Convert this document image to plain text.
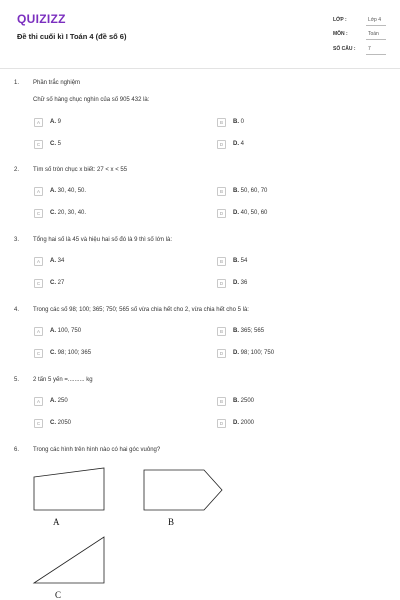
QUIZIZZ
Đề thi cuối kì I Toán 4 (đề số 6)
LỚP :	Lớp 4
MÔN :	Toán
SỐ CÂU :	7
1. Phần trắc nghiệm
Chữ số hàng chục nghìn của số 905 432 là:
A	A. 9	B	B. 0
C	C. 5	D	D. 4
2. Tìm số tròn chục x biết: 27 < x < 55
A	A. 30, 40, 50.	B	B. 50, 60, 70
C	C. 20, 30, 40.	D	D. 40, 50, 60
3. Tổng hai số là 45 và hiệu hai số đó là 9 thì số lớn là:
A	A. 34	B	B. 54
C	C. 27	D	D. 36
4. Trong các số 98; 100; 365; 750; 565 số vừa chia hết cho 2, vừa chia hết cho 5 là:
A	A. 100, 750	B	B. 365; 565
C	C. 98; 100; 365	D	D. 98; 100; 750
5. 2 tấn 5 yến =.......... kg
A	A. 250	B	B. 2500
C	C. 2050	D	D. 2000
6. Trong các hình trên hình nào có hai góc vuông?
A	B
C
